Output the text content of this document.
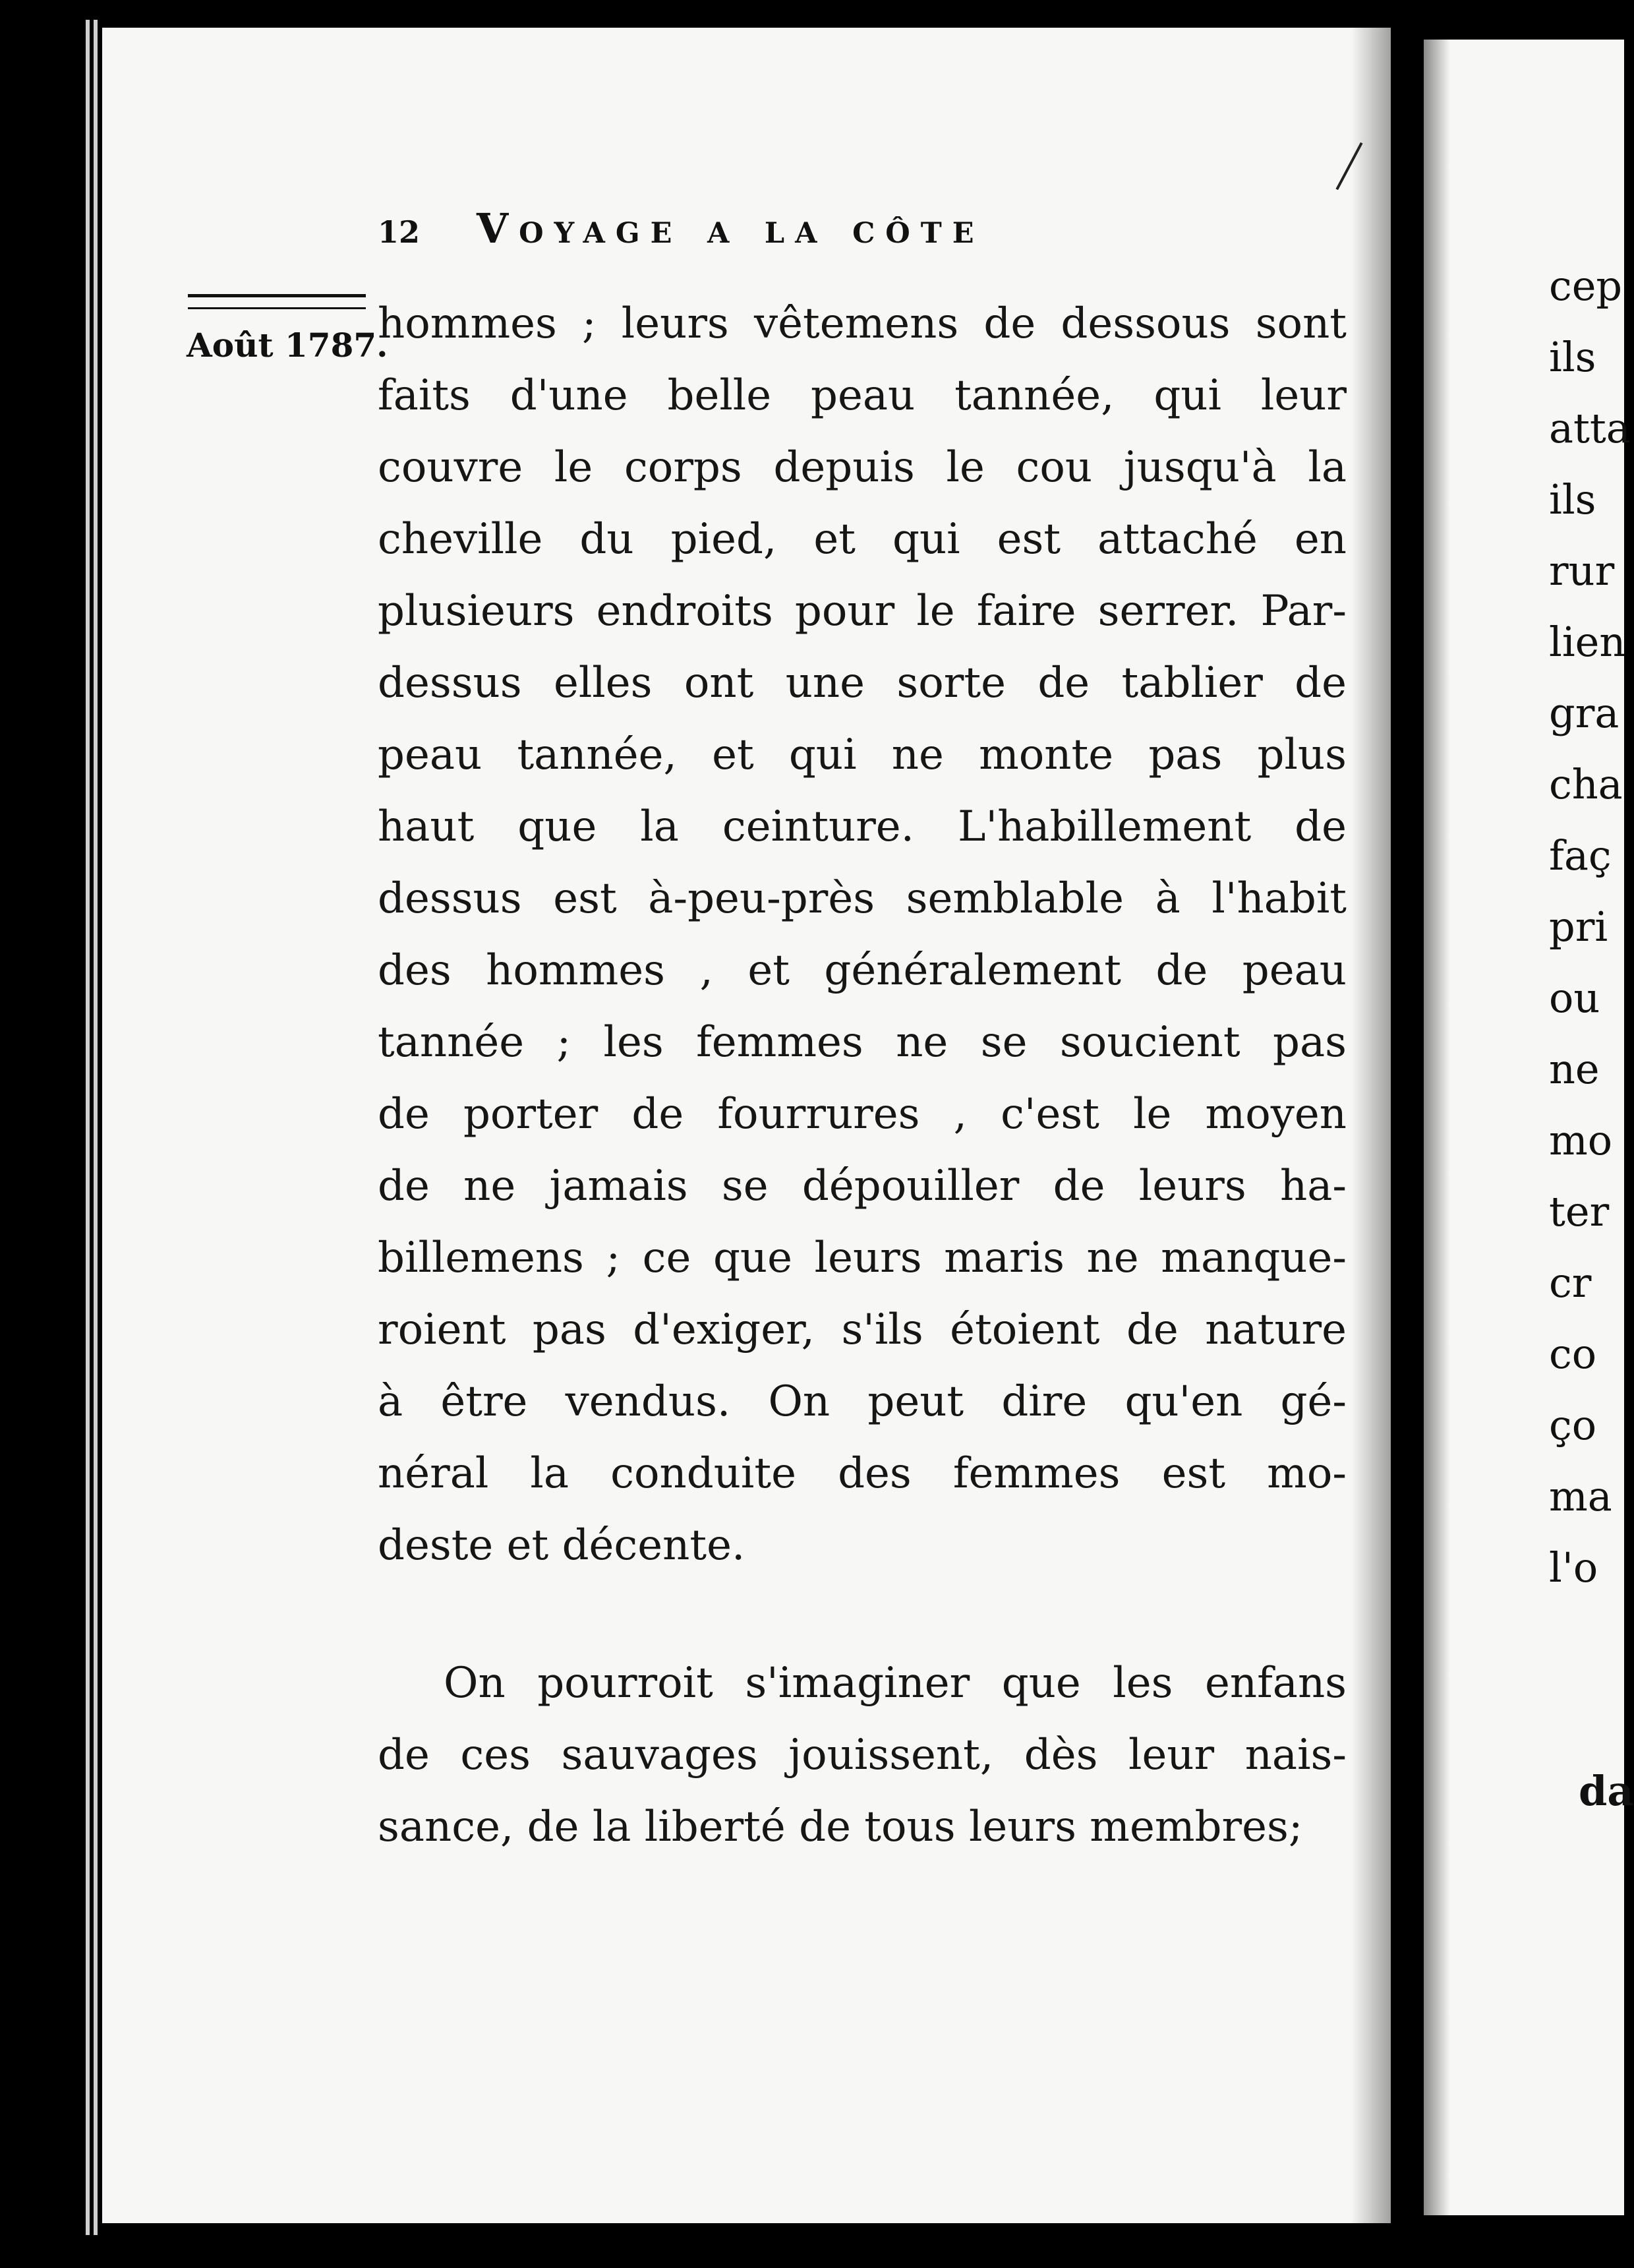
12	Voyage a la côte
Août 1787.
hommes ; leurs vêtemens de dessous sont
faits d'une belle peau tannée, qui leur
couvre le corps depuis le cou jusqu'à la
cheville du pied, et qui est attaché en
plusieurs endroits pour le faire serrer. Par-
dessus elles ont une sorte de tablier de
peau tannée, et qui ne monte pas plus
haut que la ceinture. L'habillement de
dessus est à-peu-près semblable à l'habit
des hommes , et généralement de peau
tannée ; les femmes ne se soucient pas
de porter de fourrures , c'est le moyen
de ne jamais se dépouiller de leurs ha-
billemens ; ce que leurs maris ne manque-
roient pas d'exiger, s'ils étoient de nature
à être vendus. On peut dire qu'en gé-
néral la conduite des femmes est mo-
deste et décente.
On pourroit s'imaginer que les enfans
de ces sauvages jouissent, dès leur nais-
sance, de la liberté de tous leurs membres;
cep
ils
atta
ils
rur
lien
gra
cha
faç
pri
ou
ne
mo
ter
cr
co
ço
ma
l'o
da
